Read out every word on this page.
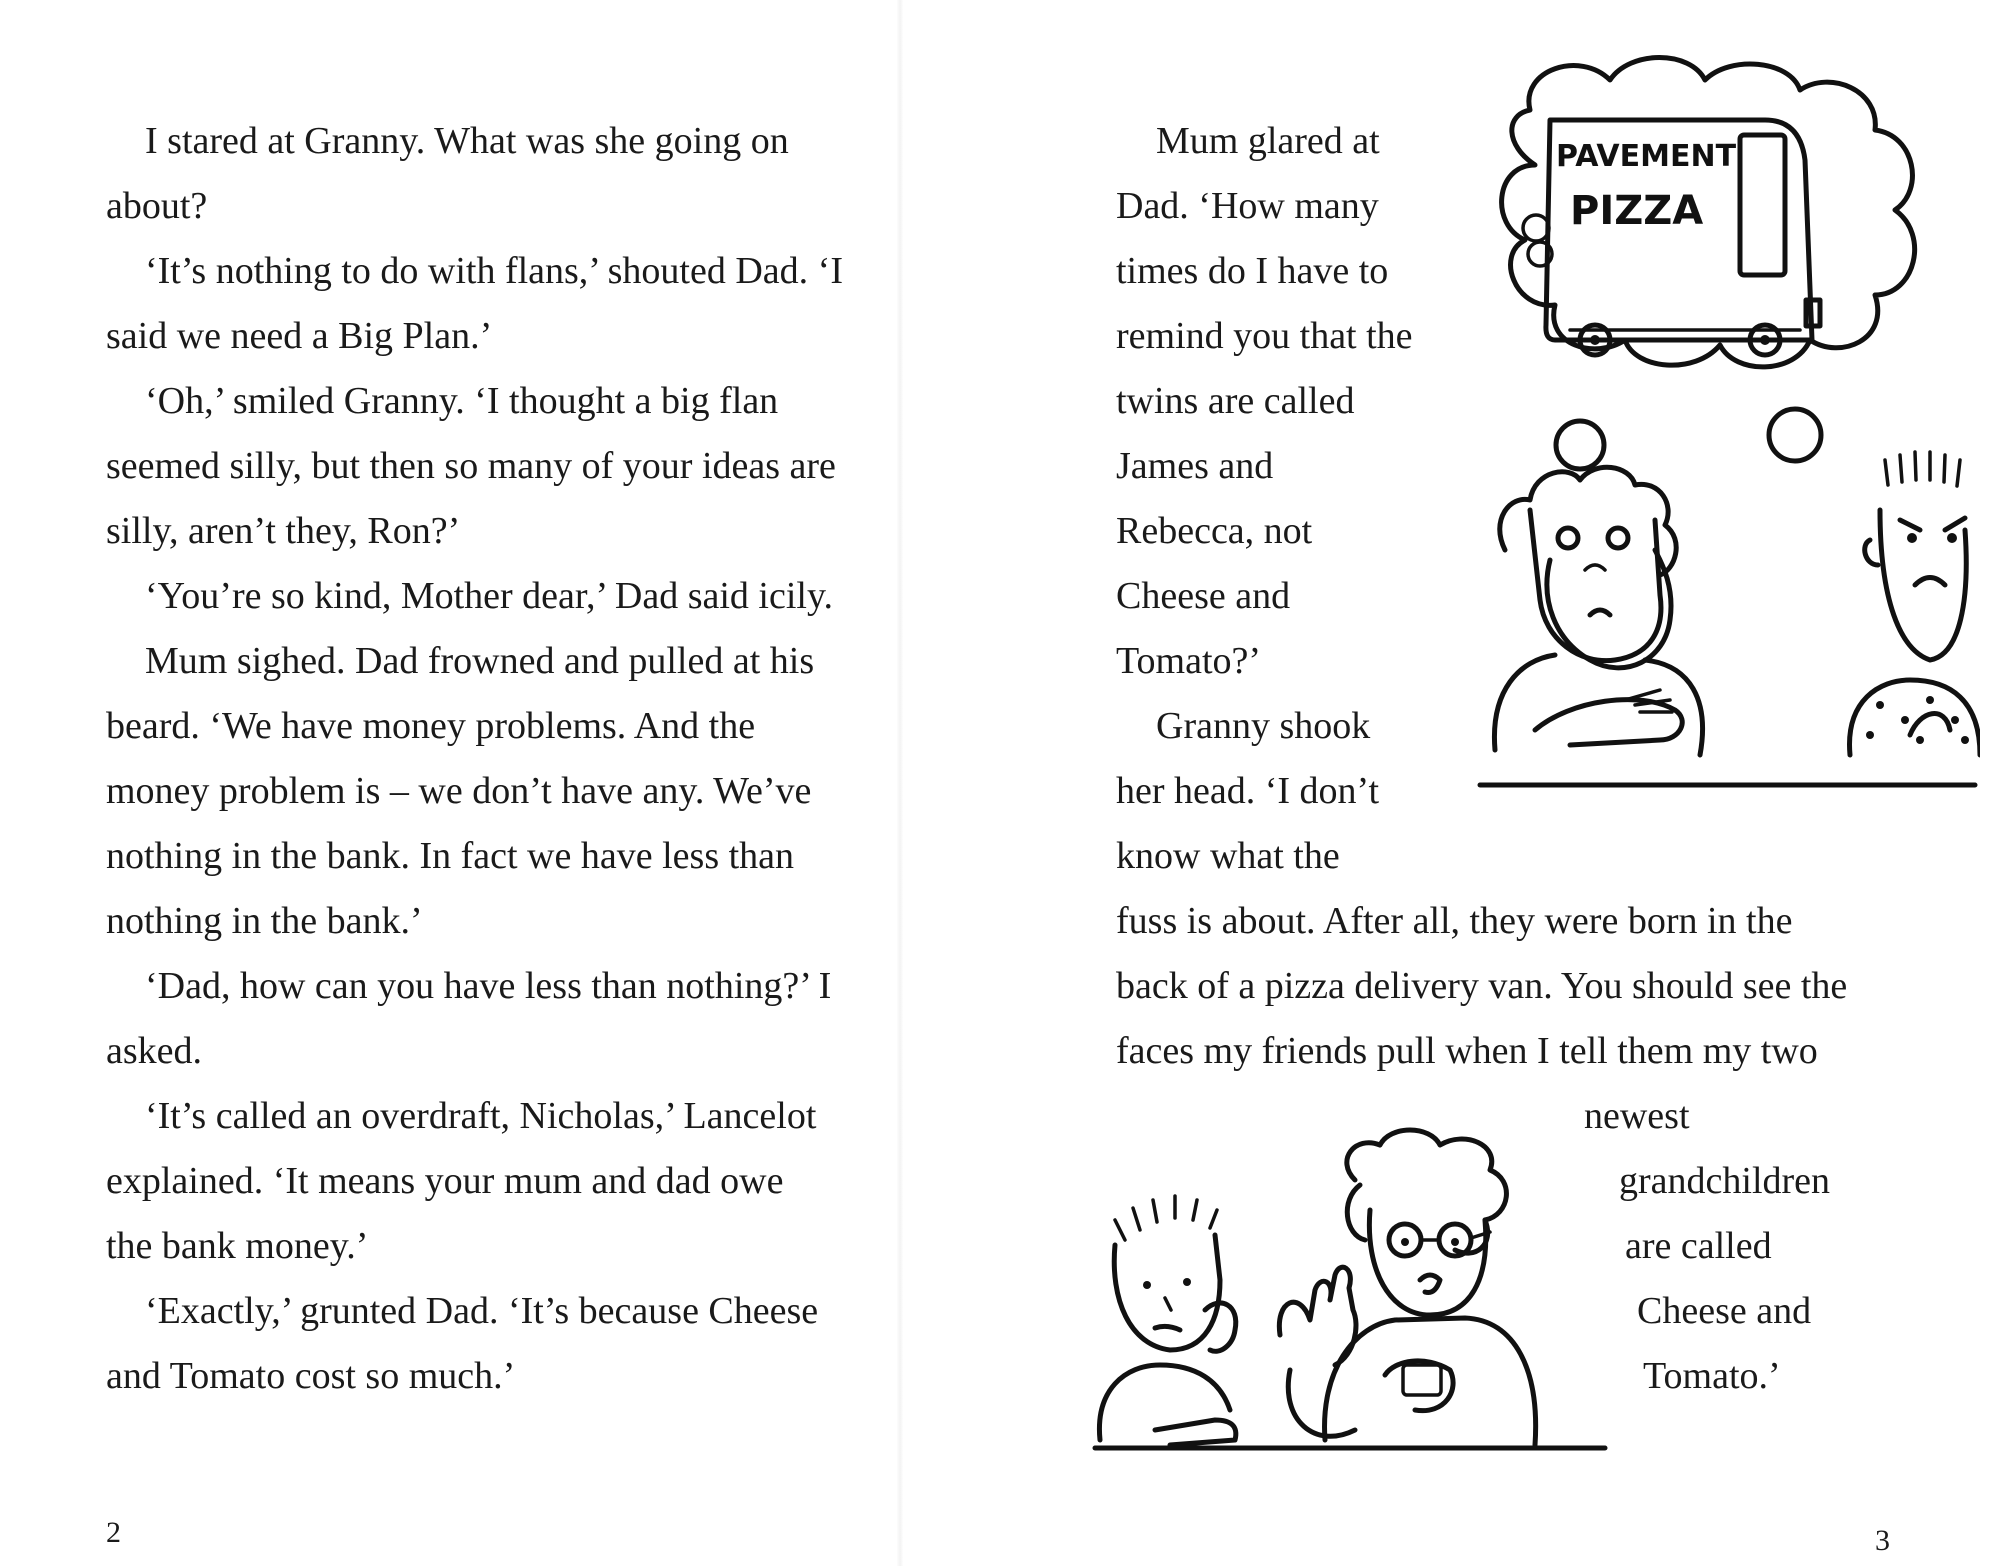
I stared at Granny. What was she going on
about?
‘It’s nothing to do with flans,’ shouted Dad. ‘I
said we need a Big Plan.’
‘Oh,’ smiled Granny. ‘I thought a big flan
seemed silly, but then so many of your ideas are
silly, aren’t they, Ron?’
‘You’re so kind, Mother dear,’ Dad said icily.
Mum sighed. Dad frowned and pulled at his
beard. ‘We have money problems. And the
money problem is – we don’t have any. We’ve
nothing in the bank. In fact we have less than
nothing in the bank.’
‘Dad, how can you have less than nothing?’ I
asked.
‘It’s called an overdraft, Nicholas,’ Lancelot
explained. ‘It means your mum and dad owe
the bank money.’
‘Exactly,’ grunted Dad. ‘It’s because Cheese
and Tomato cost so much.’
2
Mum glared at
Dad. ‘How many
times do I have to
remind you that the
twins are called
James and
Rebecca, not
Cheese and
Tomato?’
Granny shook
her head. ‘I don’t
know what the
fuss is about. After all, they were born in the
back of a pizza delivery van. You should see the
faces my friends pull when I tell them my two
newest
grandchildren
are called
Cheese and
Tomato.’
3
PAVEMENT
PIZZA
